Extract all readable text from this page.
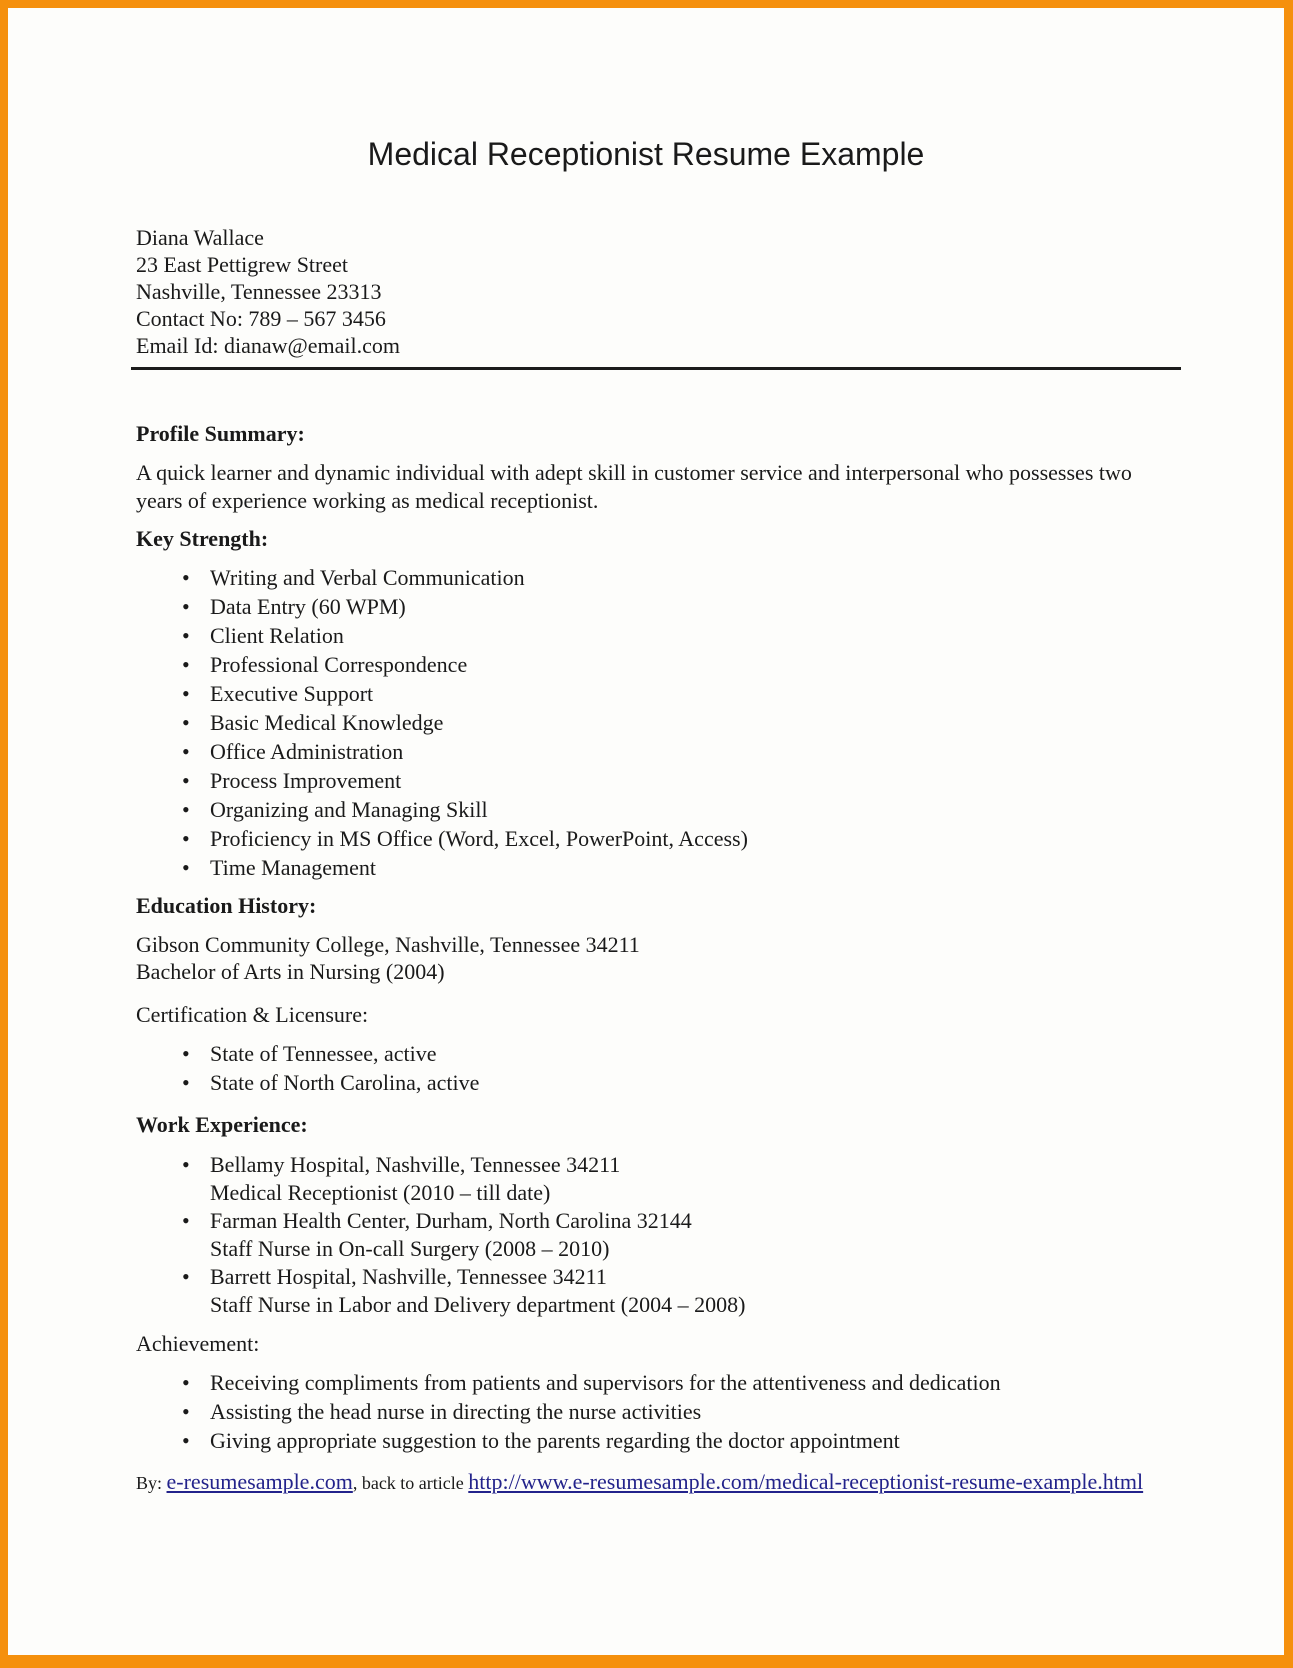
Medical Receptionist Resume Example
Diana Wallace
23 East Pettigrew Street
Nashville, Tennessee 23313
Contact No: 789 – 567 3456
Email Id: dianaw@email.com
Profile Summary:

A quick learner and dynamic individual with adept skill in customer service and interpersonal who possesses two years of experience working as medical receptionist.

Key Strength:
• Writing and Verbal Communication
• Data Entry (60 WPM)
• Client Relation
• Professional Correspondence
• Executive Support
• Basic Medical Knowledge
• Office Administration
• Process Improvement
• Organizing and Managing Skill
• Proficiency in MS Office (Word, Excel, PowerPoint, Access)
• Time Management
Education History:
Gibson Community College, Nashville, Tennessee 34211
Bachelor of Arts in Nursing (2004)
Certification & Licensure:
• State of Tennessee, active
• State of North Carolina, active
Work Experience:
• Bellamy Hospital, Nashville, Tennessee 34211
Medical Receptionist (2010 – till date)
• Farman Health Center, Durham, North Carolina 32144
Staff Nurse in On-call Surgery (2008 – 2010)
• Barrett Hospital, Nashville, Tennessee 34211
Staff Nurse in Labor and Delivery department (2004 – 2008)
Achievement:
• Receiving compliments from patients and supervisors for the attentiveness and dedication
• Assisting the head nurse in directing the nurse activities
• Giving appropriate suggestion to the parents regarding the doctor appointment

By: e-resumesample.com, back to article http://www.e-resumesample.com/medical-receptionist-resume-example.html
